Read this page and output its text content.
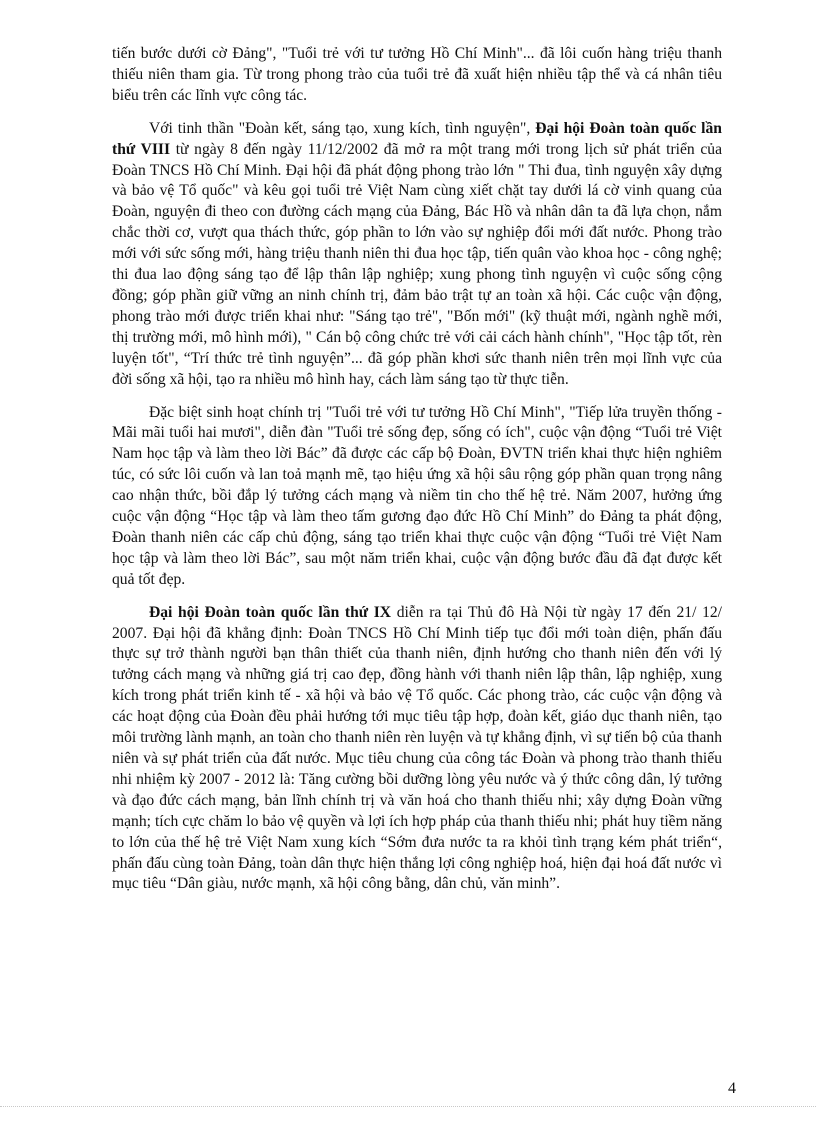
tiến bước dưới cờ Đảng", "Tuổi trẻ với tư tưởng Hồ Chí Minh"... đã lôi cuốn hàng triệu thanh thiếu niên tham gia. Từ trong phong trào của tuổi trẻ đã xuất hiện nhiều tập thể và cá nhân tiêu biểu trên các lĩnh vực công tác.

Với tinh thần "Đoàn kết, sáng tạo, xung kích, tình nguyện", Đại hội Đoàn toàn quốc lần thứ VIII từ ngày 8 đến ngày 11/12/2002 đã mở ra một trang mới trong lịch sử phát triển của Đoàn TNCS Hồ Chí Minh. Đại hội đã phát động phong trào lớn " Thi đua, tình nguyện xây dựng và bảo vệ Tổ quốc" và kêu gọi tuổi trẻ Việt Nam cùng xiết chặt tay dưới lá cờ vinh quang của Đoàn, nguyện đi theo con đường cách mạng của Đảng, Bác Hồ và nhân dân ta đã lựa chọn, nắm chắc thời cơ, vượt qua thách thức, góp phần to lớn vào sự nghiệp đổi mới đất nước. Phong trào mới với sức sống mới, hàng triệu thanh niên thi đua học tập, tiến quân vào khoa học - công nghệ; thi đua lao động sáng tạo để lập thân lập nghiệp; xung phong tình nguyện vì cuộc sống cộng đồng; góp phần giữ vững an ninh chính trị, đảm bảo trật tự an toàn xã hội. Các cuộc vận động, phong trào mới được triển khai như: "Sáng tạo trẻ", "Bốn mới" (kỹ thuật mới, ngành nghề mới, thị trường mới, mô hình mới), " Cán bộ công chức trẻ với cải cách hành chính", "Học tập tốt, rèn luyện tốt", “Trí thức trẻ tình nguyện”... đã góp phần khơi sức thanh niên trên mọi lĩnh vực của đời sống xã hội, tạo ra nhiều mô hình hay, cách làm sáng tạo từ thực tiễn.

Đặc biệt sinh hoạt chính trị "Tuổi trẻ với tư tưởng Hồ Chí Minh", "Tiếp lửa truyền thống - Mãi mãi tuổi hai mươi", diễn đàn "Tuổi trẻ sống đẹp, sống có ích", cuộc vận động “Tuổi trẻ Việt Nam học tập và làm theo lời Bác” đã được các cấp bộ Đoàn, ĐVTN triển khai thực hiện nghiêm túc, có sức lôi cuốn và lan toả mạnh mẽ, tạo hiệu ứng xã hội sâu rộng góp phần quan trọng nâng cao nhận thức, bồi đắp lý tưởng cách mạng và niềm tin cho thế hệ trẻ. Năm 2007, hưởng ứng cuộc vận động “Học tập và làm theo tấm gương đạo đức Hồ Chí Minh” do Đảng ta phát động, Đoàn thanh niên các cấp chủ động, sáng tạo triển khai thực cuộc vận động “Tuổi trẻ Việt Nam học tập và làm theo lời Bác”, sau một năm triển khai, cuộc vận động bước đầu đã đạt được kết quả tốt đẹp.

Đại hội Đoàn toàn quốc lần thứ IX diễn ra tại Thủ đô Hà Nội từ ngày 17 đến 21/ 12/ 2007. Đại hội đã khẳng định: Đoàn TNCS Hồ Chí Minh tiếp tục đổi mới toàn diện, phấn đấu thực sự trở thành người bạn thân thiết của thanh niên, định hướng cho thanh niên đến với lý tưởng cách mạng và những giá trị cao đẹp, đồng hành với thanh niên lập thân, lập nghiệp, xung kích trong phát triển kinh tế - xã hội và bảo vệ Tổ quốc. Các phong trào, các cuộc vận động và các hoạt động của Đoàn đều phải hướng tới mục tiêu tập hợp, đoàn kết, giáo dục thanh niên, tạo môi trường lành mạnh, an toàn cho thanh niên rèn luyện và tự khẳng định, vì sự tiến bộ của thanh niên và sự phát triển của đất nước. Mục tiêu chung của công tác Đoàn và phong trào thanh thiếu nhi nhiệm kỳ 2007 - 2012 là: Tăng cường bồi dưỡng lòng yêu nước và ý thức công dân, lý tưởng và đạo đức cách mạng, bản lĩnh chính trị và văn hoá cho thanh thiếu nhi; xây dựng Đoàn vững mạnh; tích cực chăm lo bảo vệ quyền và lợi ích hợp pháp của thanh thiếu nhi; phát huy tiềm năng to lớn của thế hệ trẻ Việt Nam xung kích “Sớm đưa nước ta ra khỏi tình trạng kém phát triển“, phấn đấu cùng toàn Đảng, toàn dân thực hiện thắng lợi công nghiệp hoá, hiện đại hoá đất nước vì mục tiêu “Dân giàu, nước mạnh, xã hội công bằng, dân chủ, văn minh”.

4
